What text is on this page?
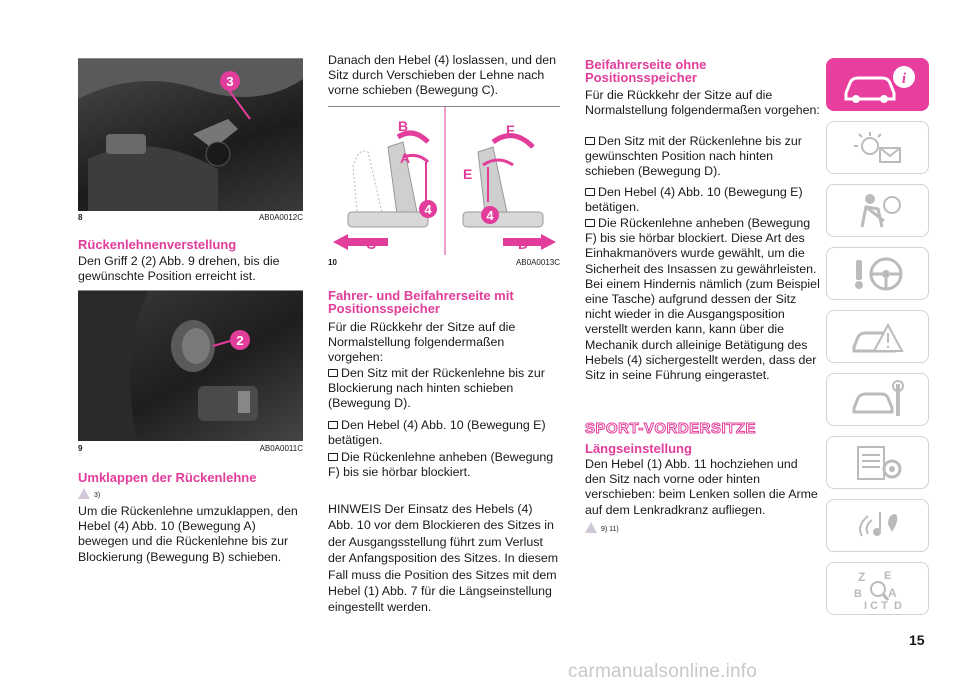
3
8	AB0A0012C
Rückenlehnenverstellung

Den Griff 2 (2) Abb. 9 drehen, bis die gewünschte Position erreicht ist.

2
9	AB0A0011C
Umklappen der Rückenlehne
3)

Um die Rückenlehne umzuklappen, den Hebel (4) Abb. 10 (Bewegung A) bewegen und die Rückenlehne bis zur Blockierung (Bewegung B) schieben.

Danach den Hebel (4) loslassen, und den Sitz durch Verschieben der Lehne nach vorne schieben (Bewegung C).

B
A
4
C
F
E
4
D
10	AB0A0013C
Fahrer- und Beifahrerseite mit Positionsspeicher

Für die Rückkehr der Sitze auf die Normalstellung folgendermaßen vorgehen:

Den Sitz mit der Rückenlehne bis zur Blockierung nach hinten schieben (Bewegung D).

Den Hebel (4) Abb. 10 (Bewegung E) betätigen.

Die Rückenlehne anheben (Bewegung F) bis sie hörbar blockiert.

HINWEIS Der Einsatz des Hebels (4) Abb. 10 vor dem Blockieren des Sitzes in der Ausgangsstellung führt zum Verlust der Anfangsposition des Sitzes. In diesem Fall muss die Position des Sitzes mit dem Hebel (1) Abb. 7 für die Längseinstellung eingestellt werden.

Beifahrerseite ohne Positionsspeicher

Für die Rückkehr der Sitze auf die Normalstellung folgendermaßen vorgehen:

Den Sitz mit der Rückenlehne bis zur gewünschten Position nach hinten schieben (Bewegung D).

Den Hebel (4) Abb. 10 (Bewegung E) betätigen.

Die Rückenlehne anheben (Bewegung F) bis sie hörbar blockiert. Diese Art des Einhakmanövers wurde gewählt, um die Sicherheit des Insassen zu gewährleisten. Bei einem Hindernis nämlich (zum Beispiel eine Tasche) aufgrund dessen der Sitz nicht wieder in die Ausgangsposition verstellt werden kann, kann über die Mechanik durch alleinige Betätigung des Hebels (4) sichergestellt werden, dass der Sitz in seine Führung eingerastet.

SPORT-VORDERSITZE
Längseinstellung

Den Hebel (1) Abb. 11 hochziehen und den Sitz nach vorne oder hinten verschieben: beim Lenken sollen die Arme auf dem Lenkradkranz aufliegen.

9) 11)
i
Z E
B A
I C T D
15
carmanualsonline.info
